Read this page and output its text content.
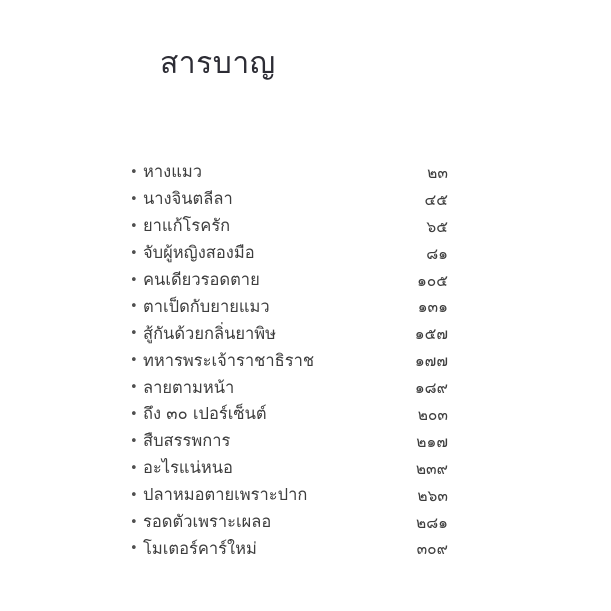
สารบาญ
• หางแมว	๒๓
• นางจินตลีลา	๔๕
• ยาแก้โรครัก	๖๕
• จับผู้หญิงสองมือ	๘๑
• คนเดียวรอดตาย	๑๐๕
• ตาเป็ดกับยายแมว	๑๓๑
• สู้กันด้วยกลิ่นยาพิษ	๑๕๗
• ทหารพระเจ้าราชาธิราช	๑๗๗
• ลายตามหน้า	๑๘๙
• ถึง ๓๐ เปอร์เซ็นต์	๒๐๓
• สืบสรรพการ	๒๑๗
• อะไรแน่หนอ	๒๓๙
• ปลาหมอตายเพราะปาก	๒๖๓
• รอดตัวเพราะเผลอ	๒๘๑
• โมเตอร์คาร์ใหม่	๓๐๙
